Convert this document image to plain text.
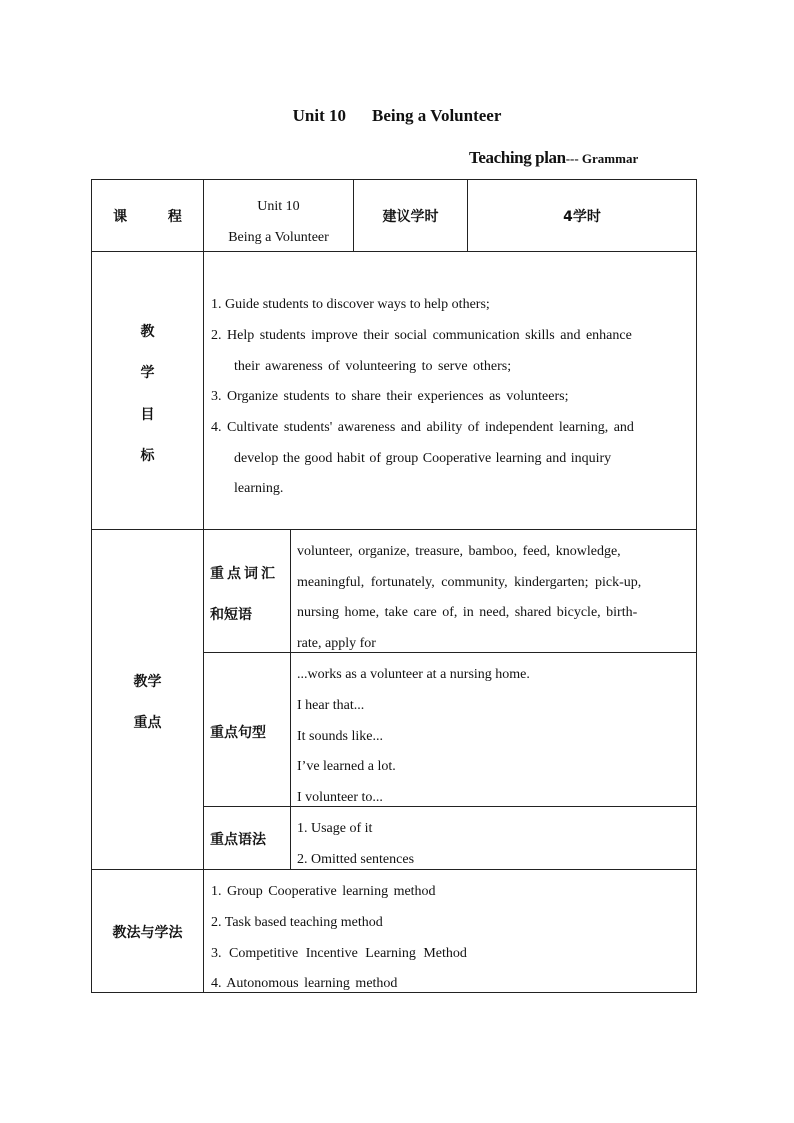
Unit 10 Being a Volunteer
Teaching plan--- Grammar
课 程
Unit 10
Being a Volunteer
建议学时	4学时
教
学
目
标
1. Guide students to discover ways to help others;
2. Help students improve their social communication skills and enhance
their awareness of volunteering to serve others;
3. Organize students to share their experiences as volunteers;
4. Cultivate students' awareness and ability of independent learning, and
develop the good habit of group Cooperative learning and inquiry
learning.
教学
重点
重点词汇
和短语
volunteer, organize, treasure, bamboo, feed, knowledge,
meaningful, fortunately, community, kindergarten; pick-up,
nursing home, take care of, in need, shared bicycle, birth-
rate, apply for
重点句型
...works as a volunteer at a nursing home.
I hear that...
It sounds like...
I’ve learned a lot.
I volunteer to...
重点语法
1. Usage of it
2. Omitted sentences
教法与学法
1. Group Cooperative learning method
2. Task based teaching method
3. Competitive Incentive Learning Method
4. Autonomous learning method
